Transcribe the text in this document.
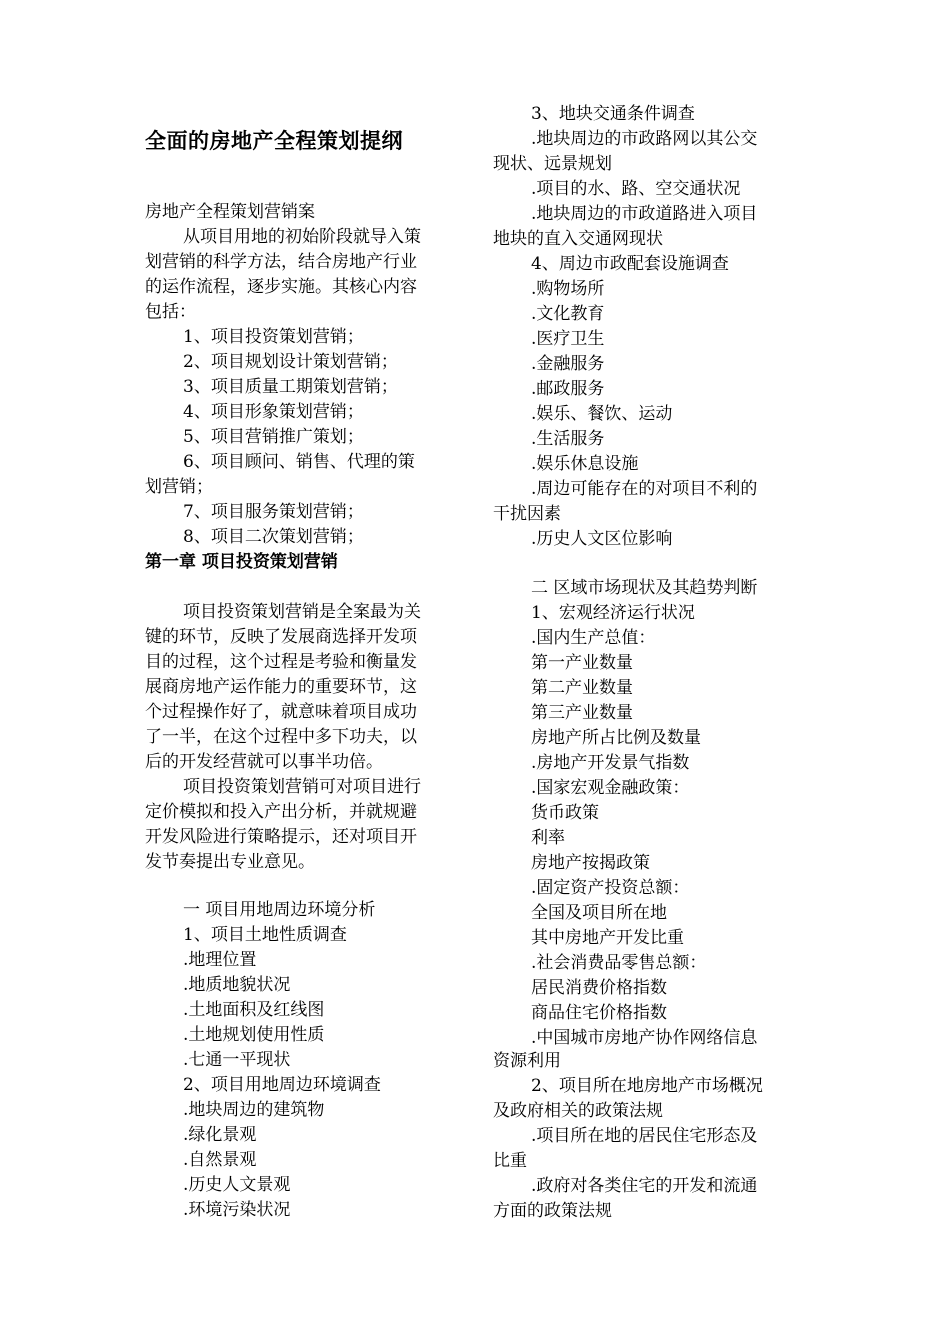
全面的房地产全程策划提纲
房地产全程策划营销案
从项目用地的初始阶段就导入策
划营销的科学方法，结合房地产行业
的运作流程，逐步实施。其核心内容
包括：
1、项目投资策划营销；
2、项目规划设计策划营销；
3、项目质量工期策划营销；
4、项目形象策划营销；
5、项目营销推广策划；
6、项目顾问、销售、代理的策
划营销；
7、项目服务策划营销；
8、项目二次策划营销；
第一章 项目投资策划营销
项目投资策划营销是全案最为关
键的环节，反映了发展商选择开发项
目的过程，这个过程是考验和衡量发
展商房地产运作能力的重要环节，这
个过程操作好了，就意味着项目成功
了一半，在这个过程中多下功夫，以
后的开发经营就可以事半功倍。
项目投资策划营销可对项目进行
定价模拟和投入产出分析，并就规避
开发风险进行策略提示，还对项目开
发节奏提出专业意见。
一 项目用地周边环境分析
1、项目土地性质调查
.地理位置
.地质地貌状况
.土地面积及红线图
.土地规划使用性质
.七通一平现状
2、项目用地周边环境调查
.地块周边的建筑物
.绿化景观
.自然景观
.历史人文景观
.环境污染状况
3、地块交通条件调查
.地块周边的市政路网以其公交
现状、远景规划
.项目的水、路、空交通状况
.地块周边的市政道路进入项目
地块的直入交通网现状
4、周边市政配套设施调查
.购物场所
.文化教育
.医疗卫生
.金融服务
.邮政服务
.娱乐、餐饮、运动
.生活服务
.娱乐休息设施
.周边可能存在的对项目不利的
干扰因素
.历史人文区位影响
二 区域市场现状及其趋势判断
1、宏观经济运行状况
.国内生产总值：
第一产业数量
第二产业数量
第三产业数量
房地产所占比例及数量
.房地产开发景气指数
.国家宏观金融政策：
货币政策
利率
房地产按揭政策
.固定资产投资总额：
全国及项目所在地
其中房地产开发比重
.社会消费品零售总额：
居民消费价格指数
商品住宅价格指数
.中国城市房地产协作网络信息
资源利用
2、项目所在地房地产市场概况
及政府相关的政策法规
.项目所在地的居民住宅形态及
比重
.政府对各类住宅的开发和流通
方面的政策法规
